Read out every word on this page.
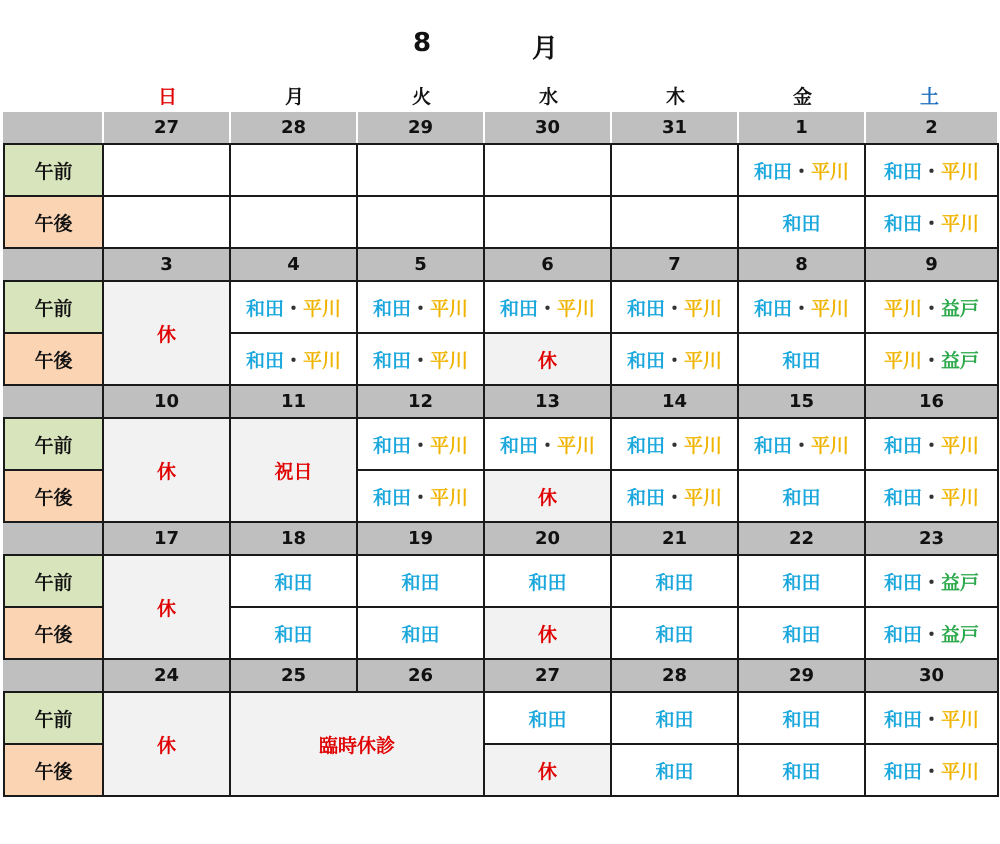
8	月
日	月	火	水	木	金	土
	27	28	29	30	31	1	2
午前						和田・平川	和田・平川
午後						和田	和田・平川
	3	4	5	6	7	8	9
午前	休	和田・平川	和田・平川	和田・平川	和田・平川	和田・平川	平川・益戸
午後		和田・平川	和田・平川	休	和田・平川	和田	平川・益戸
	10	11	12	13	14	15	16
午前	休	祝日	和田・平川	和田・平川	和田・平川	和田・平川	和田・平川
午後			和田・平川	休	和田・平川	和田	和田・平川
	17	18	19	20	21	22	23
午前	休	和田	和田	和田	和田	和田	和田・益戸
午後		和田	和田	休	和田	和田	和田・益戸
	24	25	26	27	28	29	30
午前	休	臨時休診		和田	和田	和田	和田・平川
午後				休	和田	和田	和田・平川
